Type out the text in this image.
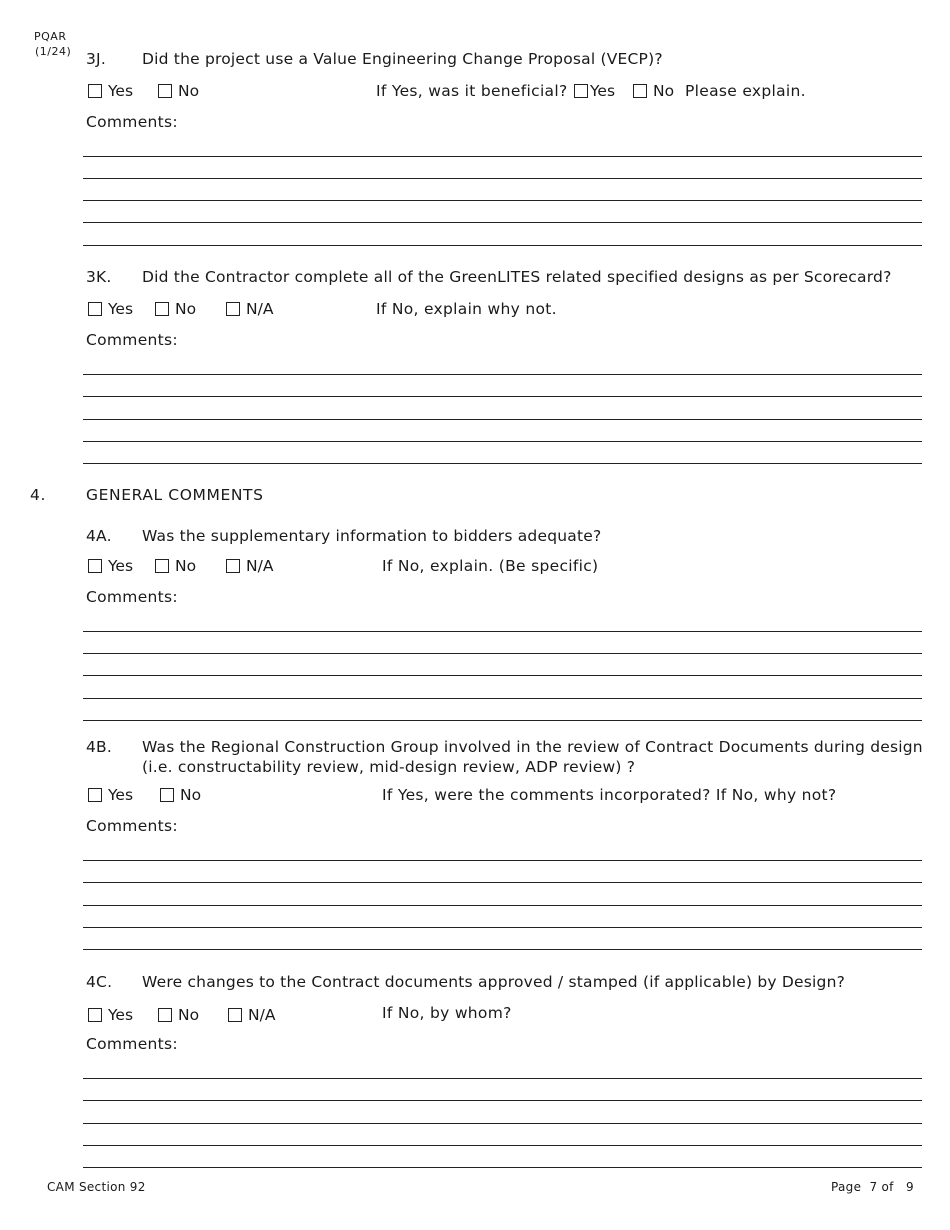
PQAR
(1/24) 3J. Did the project use a Value Engineering Change Proposal (VECP)?
Yes	No	If Yes, was it beneficial? Yes No Please explain.
Comments:
3K. Did the Contractor complete all of the GreenLITES related specified designs as per Scorecard?
Yes	No	N/A	If No, explain why not.
Comments:
4.	GENERAL COMMENTS
4A. Was the supplementary information to bidders adequate?
Yes	No	N/A	If No, explain. (Be specific)
Comments:
4B. Was the Regional Construction Group involved in the review of Contract Documents during design
(i.e. constructability review, mid-design review, ADP review) ?
Yes	No	If Yes, were the comments incorporated? If No, why not?
Comments:
4C. Were changes to the Contract documents approved / stamped (if applicable) by Design?
Yes	No	N/A	If No, by whom?
Comments:
CAM Section 92	Page  7 of   9
